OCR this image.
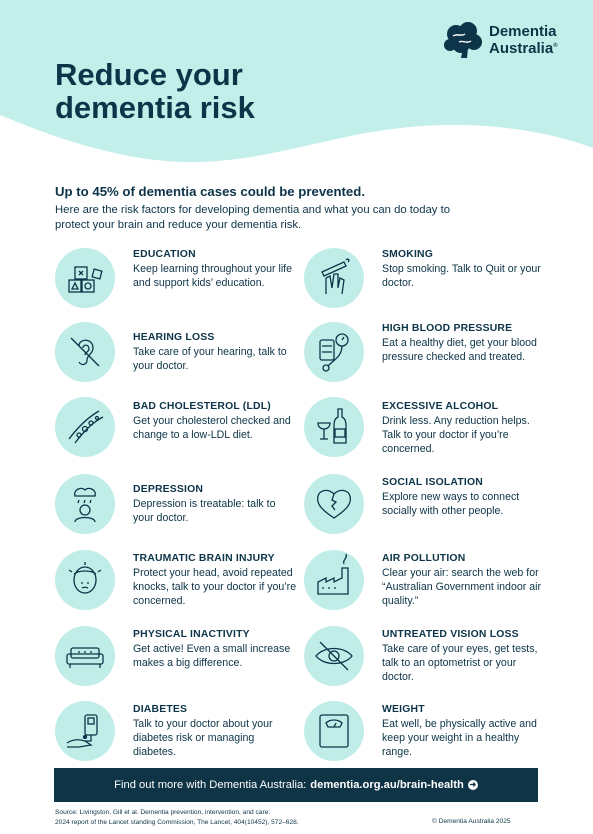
Dementia
Australia®
Reduce your
dementia risk
Up to 45% of dementia cases could be prevented.
Here are the risk factors for developing dementia and what you can do today to protect your brain and reduce your dementia risk.
EDUCATION
Keep learning throughout your life and support kids’ education.
HEARING LOSS
Take care of your hearing, talk to your doctor.
BAD CHOLESTEROL (LDL)
Get your cholesterol checked and change to a low-LDL diet.
DEPRESSION
Depression is treatable: talk to your doctor.
TRAUMATIC BRAIN INJURY
Protect your head, avoid repeated knocks, talk to your doctor if you’re concerned.
PHYSICAL INACTIVITY
Get active! Even a small increase makes a big difference.
DIABETES
Talk to your doctor about your diabetes risk or managing diabetes.
SMOKING
Stop smoking. Talk to Quit or your doctor.
HIGH BLOOD PRESSURE
Eat a healthy diet, get your blood pressure checked and treated.
EXCESSIVE ALCOHOL
Drink less. Any reduction helps. Talk to your doctor if you’re concerned.
SOCIAL ISOLATION
Explore new ways to connect socially with other people.
AIR POLLUTION
Clear your air: search the web for “Australian Government indoor air quality.”
UNTREATED VISION LOSS
Take care of your eyes, get tests, talk to an optometrist or your doctor.
WEIGHT
Eat well, be physically active and keep your weight in a healthy range.
Find out more with Dementia Australia: dementia.org.au/brain-health ➜
Source: Livingston, Gill et al. Dementia prevention, intervention, and care:
2024 report of the Lancet standing Commission, The Lancet, 404(10452), 572–628.	© Dementia Australia 2025
